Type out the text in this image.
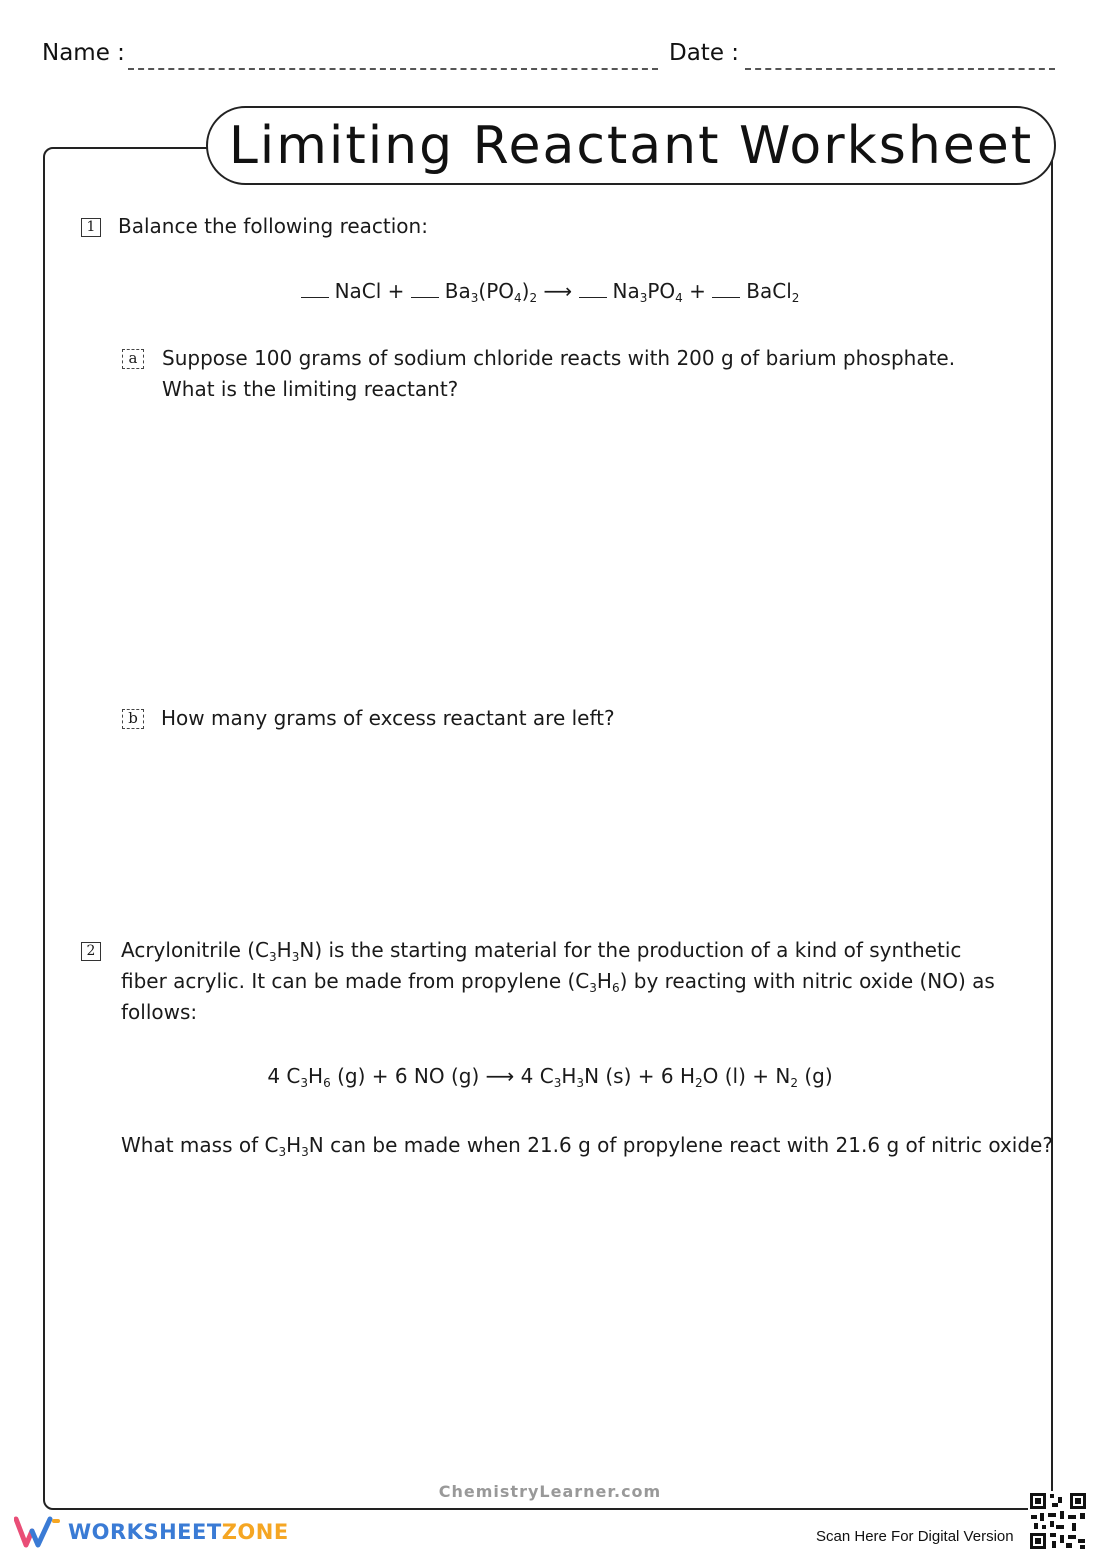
Name :	Date :
Limiting Reactant Worksheet
1 Balance the following reaction:
NaCl + $Ba_3(PO_4)_2$ ⟶ $Na_3PO_4$ + BaCl$_2$
a	Suppose 100 grams of sodium chloride reacts with 200 g of barium phosphate. What is the limiting reactant?
b	How many grams of excess reactant are left?
2 Acrylonitrile $(C_3H_3N)$ is the starting material for the production of a kind of synthetic fiber acrylic. It can be made from propylene $(C_3H_6)$ by reacting with nitric oxide (NO) as follows:
4 $C_3H_6$ (g) + 6 NO (g) ⟶ 4 $C_3H_3N$ (s) + 6 $H_2O$ $(l) + N_2$ (g)
What mass of $C_3H_3N$ can be made when 21.6 g of propylene react with 21.6 g of nitric oxide?
ChemistryLearner.com
WORKSHEET ZONE	Scan Here For Digital Version
